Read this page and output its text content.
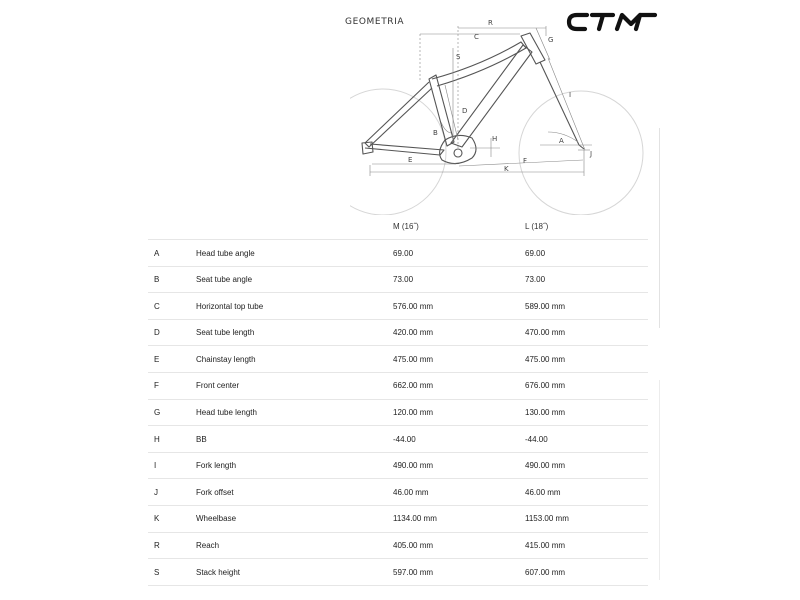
GEOMETRIA	R
C	G
S
I
D
B
H	A
E	F
J
K
M (16˝)	L (18˝)
A	Head tube angle	69.00	69.00
B	Seat tube angle	73.00	73.00
C	Horizontal top tube	576.00 mm	589.00 mm
D	Seat tube length	420.00 mm	470.00 mm
E	Chainstay length	475.00 mm	475.00 mm
F	Front center	662.00 mm	676.00 mm
G	Head tube length	120.00 mm	130.00 mm
H	BB	-44.00	-44.00
I	Fork length	490.00 mm	490.00 mm
J	Fork offset	46.00 mm	46.00 mm
K	Wheelbase	1134.00 mm	1153.00 mm
R	Reach	405.00 mm	415.00 mm
S	Stack height	597.00 mm	607.00 mm
